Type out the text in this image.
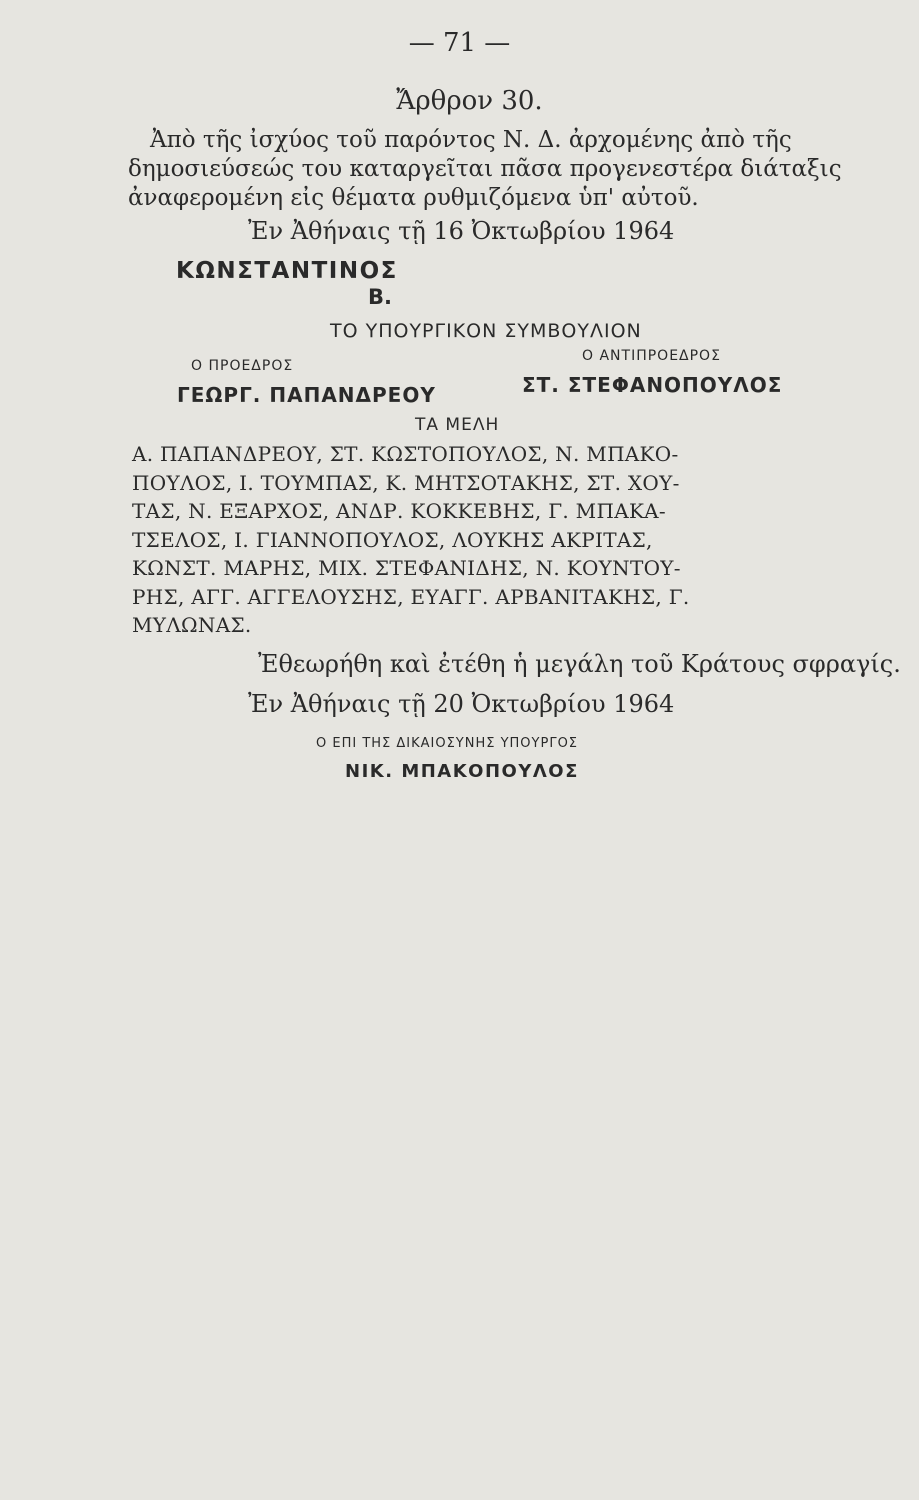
— 71 —
Ἄρθρον 30.
Ἀπὸ τῆς ἰσχύος τοῦ παρόντος Ν. Δ. ἀρχομένης ἀπὸ τῆς
δημοσιεύσεώς του καταργεῖται πᾶσα προγενεστέρα διάταξις
ἀναφερομένη εἰς θέματα ρυθμιζόμενα ὑπ' αὐτοῦ.
Ἐν Ἀθήναις τῇ 16 Ὀκτωβρίου 1964
ΚΩΝΣΤΑΝΤΙΝΟΣ
Β.
ΤΟ ΥΠΟΥΡΓΙΚΟΝ ΣΥΜΒΟΥΛΙΟΝ
Ο ΠΡΟΕΔΡΟΣ
Ο ΑΝΤΙΠΡΟΕΔΡΟΣ
ΓΕΩΡΓ. ΠΑΠΑΝΔΡΕΟΥ	ΣΤ. ΣΤΕΦΑΝΟΠΟΥΛΟΣ
ΤΑ ΜΕΛΗ
Α. ΠΑΠΑΝΔΡΕΟΥ, ΣΤ. ΚΩΣΤΟΠΟΥΛΟΣ, Ν. ΜΠΑΚΟ-
ΠΟΥΛΟΣ, Ι. ΤΟΥΜΠΑΣ, Κ. ΜΗΤΣΟΤΑΚΗΣ, ΣΤ. ΧΟΥ-
ΤΑΣ, Ν. ΕΞΑΡΧΟΣ, ΑΝΔΡ. ΚΟΚΚΕΒΗΣ, Γ. ΜΠΑΚΑ-
ΤΣΕΛΟΣ, Ι. ΓΙΑΝΝΟΠΟΥΛΟΣ, ΛΟΥΚΗΣ ΑΚΡΙΤΑΣ,
ΚΩΝΣΤ. ΜΑΡΗΣ, ΜΙΧ. ΣΤΕΦΑΝΙΔΗΣ, Ν. ΚΟΥΝΤΟΥ-
ΡΗΣ, ΑΓΓ. ΑΓΓΕΛΟΥΣΗΣ, ΕΥΑΓΓ. ΑΡΒΑΝΙΤΑΚΗΣ, Γ.
ΜΥΛΩΝΑΣ.
Ἐθεωρήθη καὶ ἐτέθη ἡ μεγάλη τοῦ Κράτους σφραγίς.
Ἐν Ἀθήναις τῇ 20 Ὀκτωβρίου 1964
Ο ΕΠΙ ΤΗΣ ΔΙΚΑΙΟΣΥΝΗΣ ΥΠΟΥΡΓΟΣ
ΝΙΚ. ΜΠΑΚΟΠΟΥΛΟΣ
